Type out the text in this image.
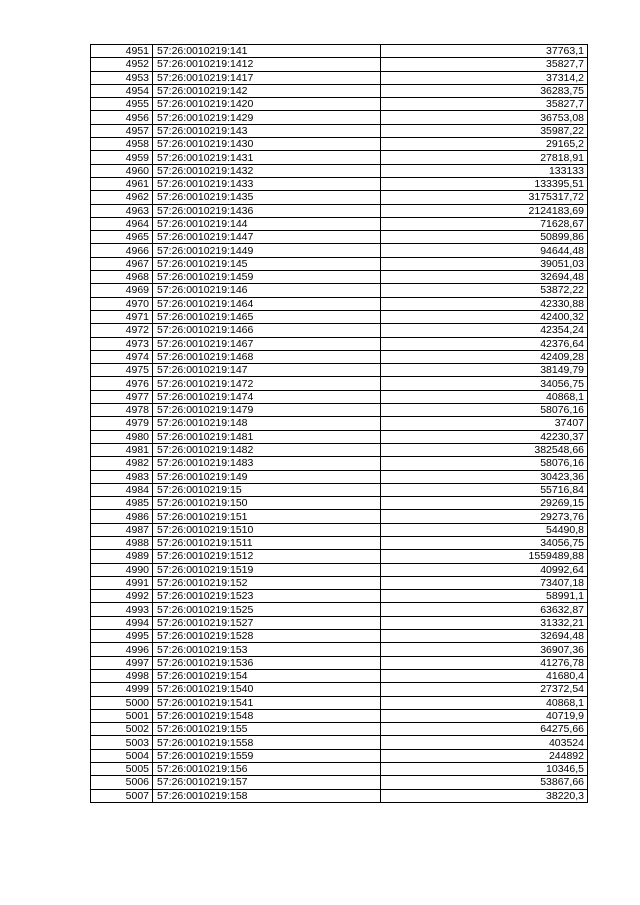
4951	57:26:0010219:141	37763,1
4952	57:26:0010219:1412	35827,7
4953	57:26:0010219:1417	37314,2
4954	57:26:0010219:142	36283,75
4955	57:26:0010219:1420	35827,7
4956	57:26:0010219:1429	36753,08
4957	57:26:0010219:143	35987,22
4958	57:26:0010219:1430	29165,2
4959	57:26:0010219:1431	27818,91
4960	57:26:0010219:1432	133133
4961	57:26:0010219:1433	133395,51
4962	57:26:0010219:1435	3175317,72
4963	57:26:0010219:1436	2124183,69
4964	57:26:0010219:144	71628,67
4965	57:26:0010219:1447	50899,86
4966	57:26:0010219:1449	94644,48
4967	57:26:0010219:145	39051,03
4968	57:26:0010219:1459	32694,48
4969	57:26:0010219:146	53872,22
4970	57:26:0010219:1464	42330,88
4971	57:26:0010219:1465	42400,32
4972	57:26:0010219:1466	42354,24
4973	57:26:0010219:1467	42376,64
4974	57:26:0010219:1468	42409,28
4975	57:26:0010219:147	38149,79
4976	57:26:0010219:1472	34056,75
4977	57:26:0010219:1474	40868,1
4978	57:26:0010219:1479	58076,16
4979	57:26:0010219:148	37407
4980	57:26:0010219:1481	42230,37
4981	57:26:0010219:1482	382548,66
4982	57:26:0010219:1483	58076,16
4983	57:26:0010219:149	30423,36
4984	57:26:0010219:15	55716,84
4985	57:26:0010219:150	29269,15
4986	57:26:0010219:151	29273,76
4987	57:26:0010219:1510	54490,8
4988	57:26:0010219:1511	34056,75
4989	57:26:0010219:1512	1559489,88
4990	57:26:0010219:1519	40992,64
4991	57:26:0010219:152	73407,18
4992	57:26:0010219:1523	58991,1
4993	57:26:0010219:1525	63632,87
4994	57:26:0010219:1527	31332,21
4995	57:26:0010219:1528	32694,48
4996	57:26:0010219:153	36907,36
4997	57:26:0010219:1536	41276,78
4998	57:26:0010219:154	41680,4
4999	57:26:0010219:1540	27372,54
5000	57:26:0010219:1541	40868,1
5001	57:26:0010219:1548	40719,9
5002	57:26:0010219:155	64275,66
5003	57:26:0010219:1558	403524
5004	57:26:0010219:1559	244892
5005	57:26:0010219:156	10346,5
5006	57:26:0010219:157	53867,66
5007	57:26:0010219:158	38220,3
